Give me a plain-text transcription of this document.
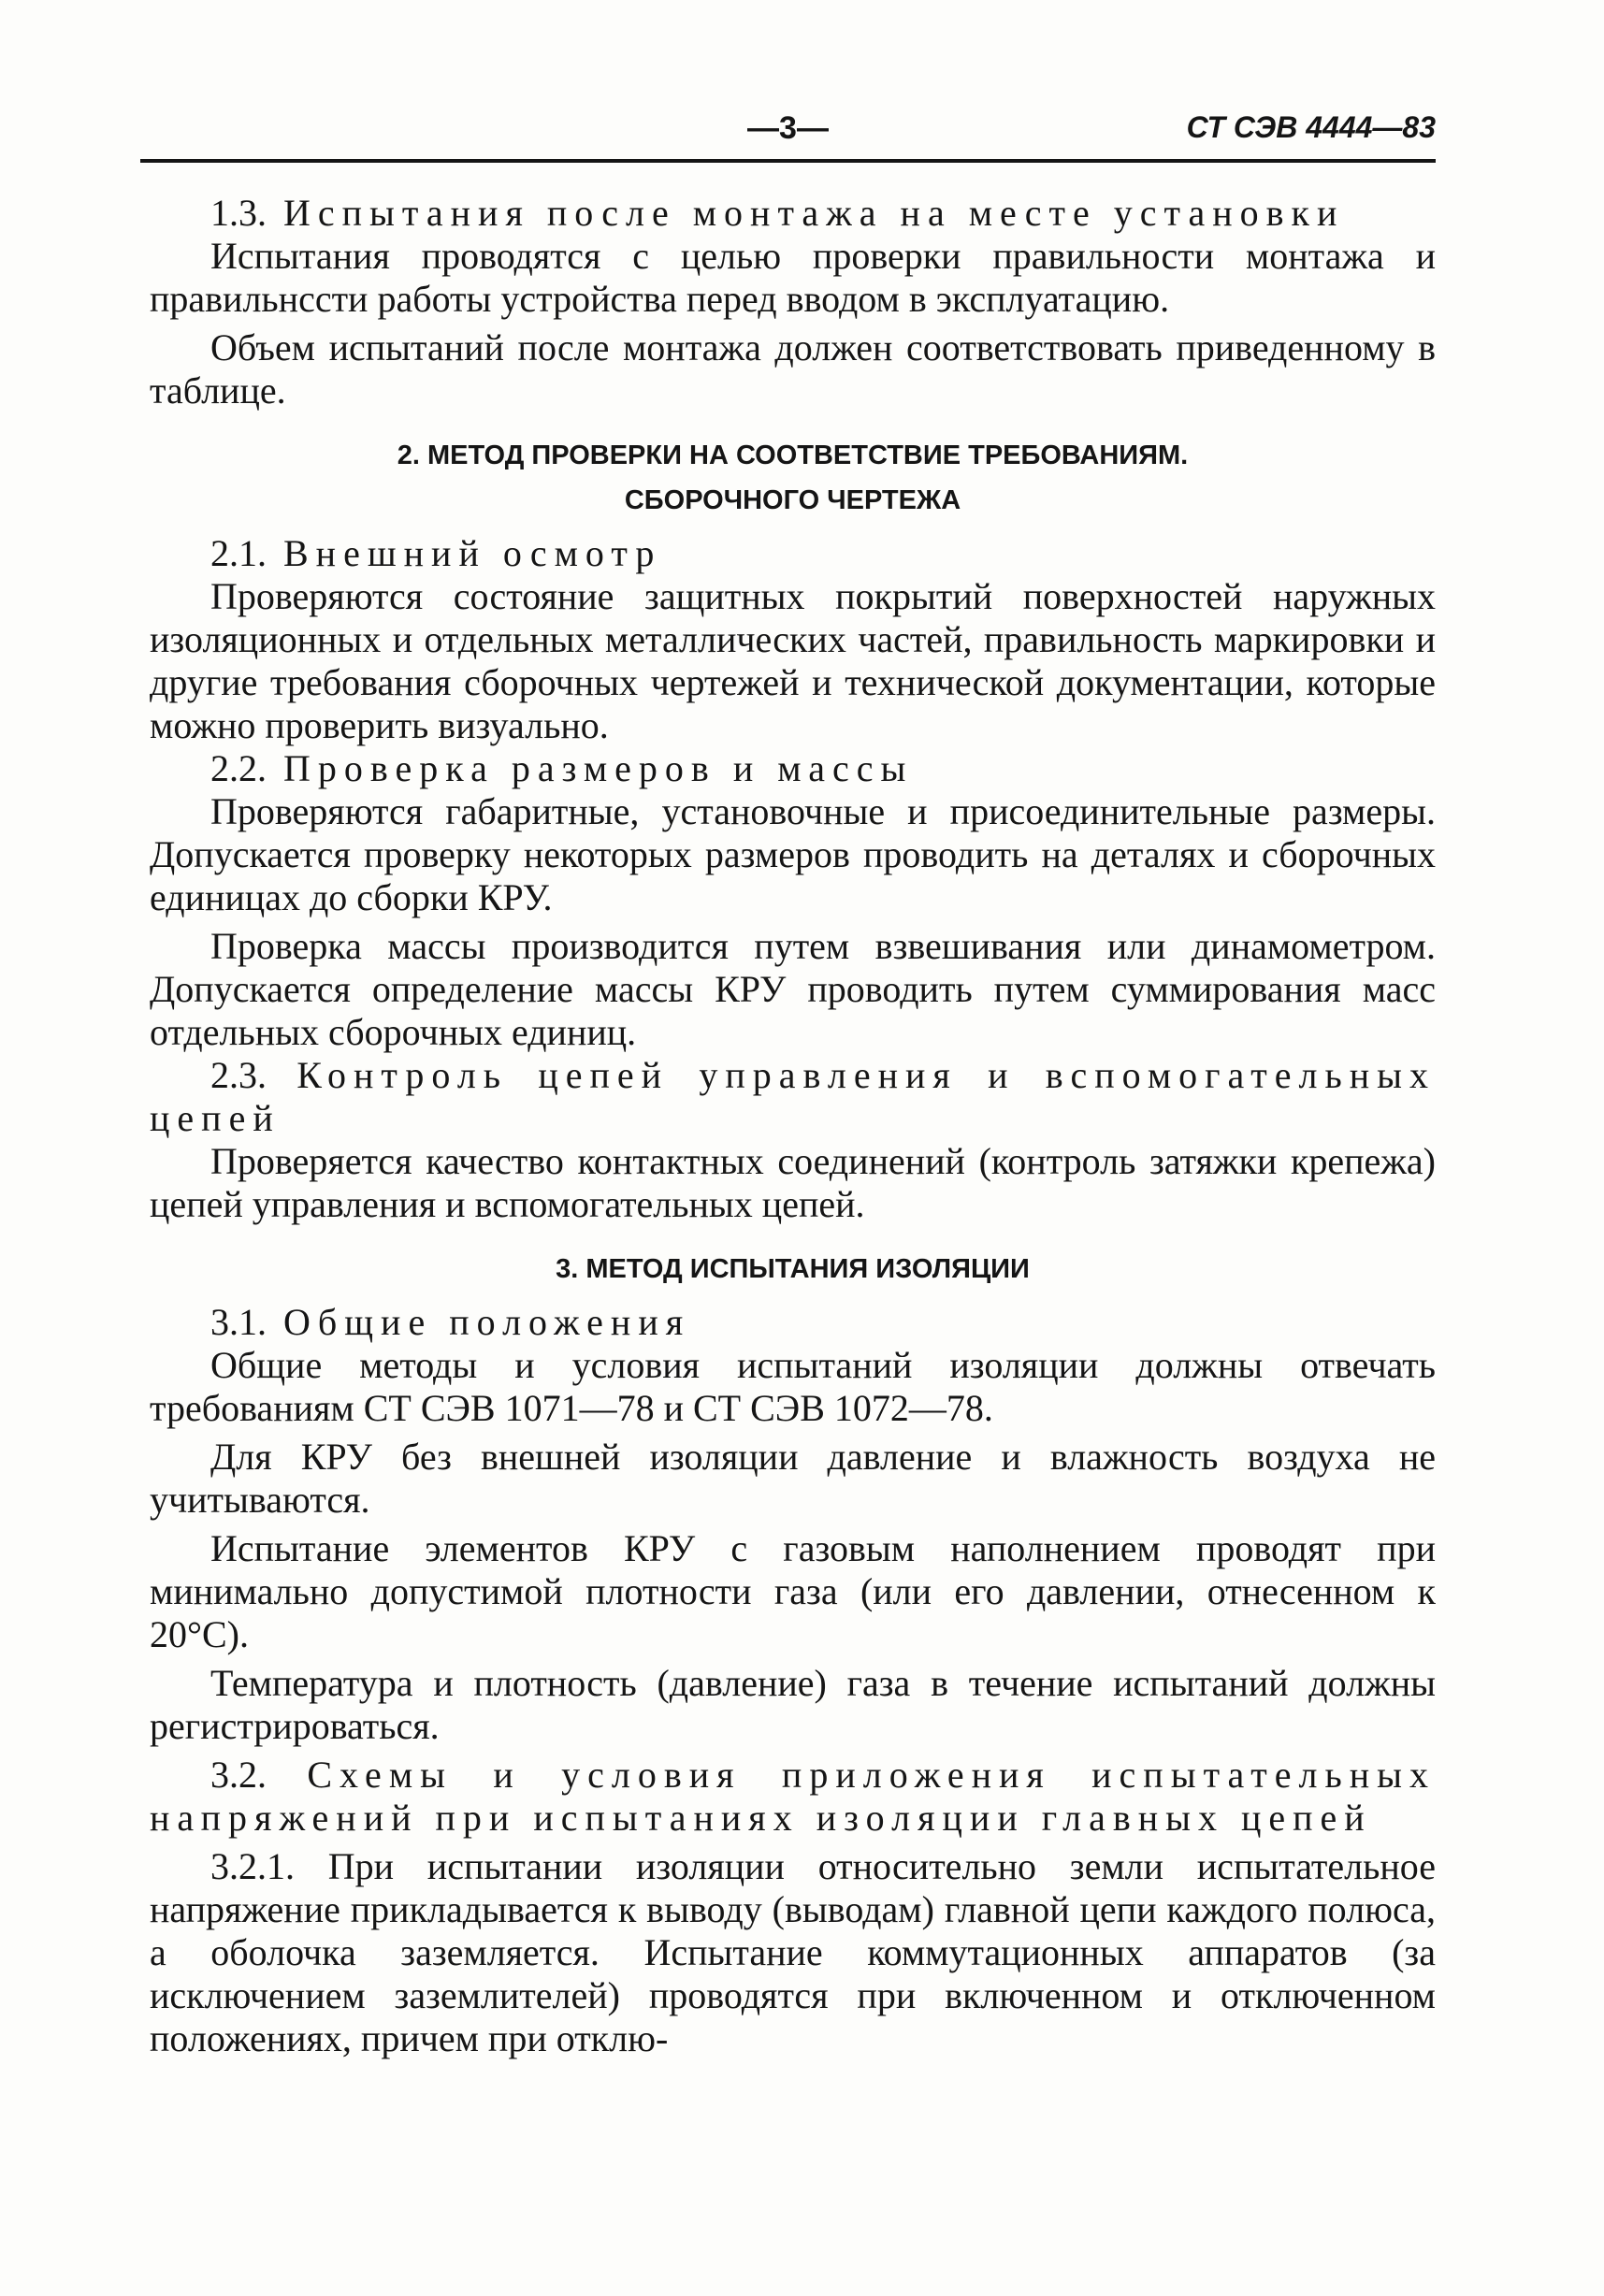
—3—	СТ СЭВ 4444—83

1.3. Испытания после монтажа на месте установки

Испытания проводятся с целью проверки правильности монтажа и правильнсcти работы устройства перед вводом в эксплуатацию.

Объем испытаний после монтажа должен соответствовать приведенному в таблице.

2. МЕТОД ПРОВЕРКИ НА СООТВЕТСТВИЕ ТРЕБОВАНИЯМ.
СБОРОЧНОГО ЧЕРТЕЖА

2.1. Внешний осмотр

Проверяются состояние защитных покрытий поверхностей наружных изоляционных и отдельных металлических частей, правильность маркировки и другие требования сборочных чертежей и технической документации, которые можно проверить визуально.

2.2. Проверка размеров и массы

Проверяются габаритные, установочные и присоединительные размеры. Допускается проверку некоторых размеров проводить на деталях и сборочных единицах до сборки КРУ.

Проверка массы производится путем взвешивания или динамометром. Допускается определение массы КРУ проводить путем суммирования масс отдельных сборочных единиц.

2.3. Контроль цепей управления и вспомогательных цепей

Проверяется качество контактных соединений (контроль затяжки крепежа) цепей управления и вспомогательных цепей.

3. МЕТОД ИСПЫТАНИЯ ИЗОЛЯЦИИ

3.1. Общие положения

Общие методы и условия испытаний изоляции должны отвечать требованиям СТ СЭВ 1071—78 и СТ СЭВ 1072—78.

Для КРУ без внешней изоляции давление и влажность воздуха не учитываются.

Испытание элементов КРУ с газовым наполнением проводят при минимально допустимой плотности газа (или его давлении, отнесенном к 20°С).

Температура и плотность (давление) газа в течение испытаний должны регистрироваться.

3.2. Схемы и условия приложения испытательных напряжений при испытаниях изоляции главных цепей

3.2.1. При испытании изоляции относительно земли испытательное напряжение прикладывается к выводу (выводам) главной цепи каждого полюса, а оболочка заземляется. Испытание коммутационных аппаратов (за исключением заземлителей) проводятся при включенном и отключенном положениях, причем при отклю-
